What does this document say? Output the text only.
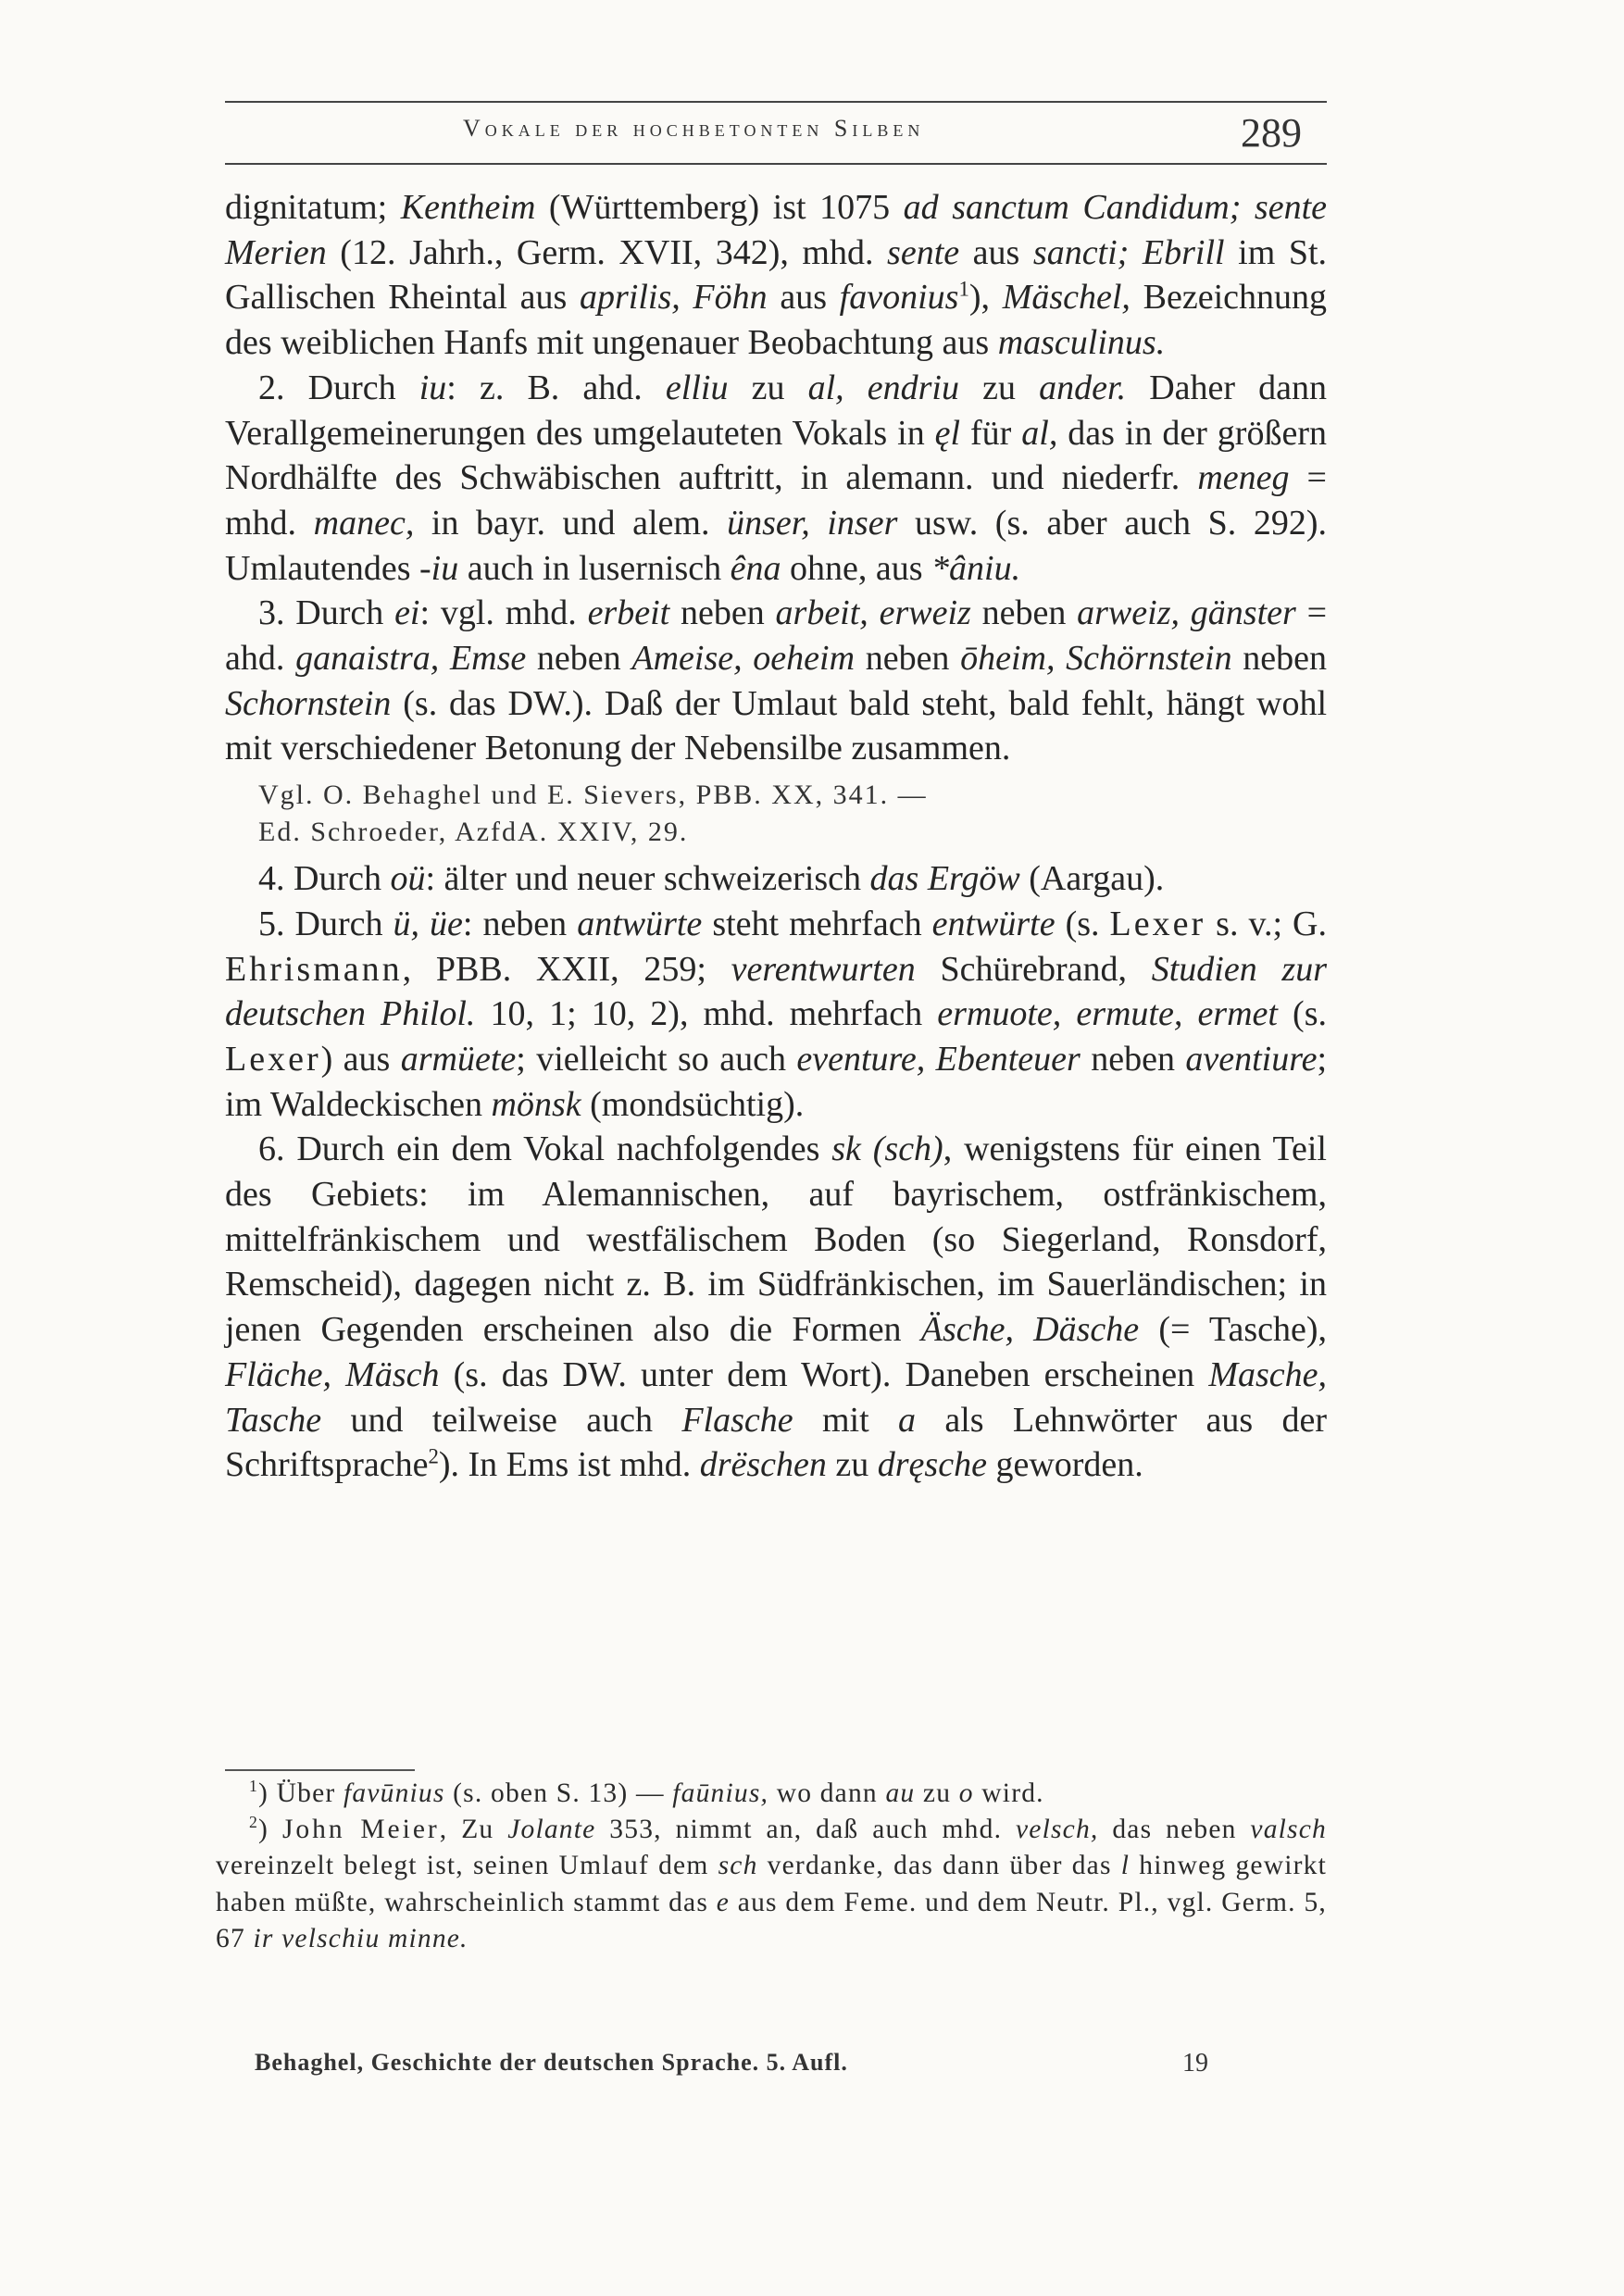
Vokale der hochbetonten Silben	289

dignitatum; Kentheim (Württemberg) ist 1075 ad sanctum Candidum; sente Merien (12. Jahrh., Germ. XVII, 342), mhd. sente aus sancti; Ebrill im St. Gallischen Rheintal aus aprilis, Föhn aus favonius$^1$), Mäschel, Bezeichnung des weiblichen Hanfs mit ungenauer Beobachtung aus masculinus.

2. Durch iu: z. B. ahd. elliu zu al, endriu zu ander. Daher dann Verallgemeinerungen des umgelauteten Vokals in ęl für al, das in der größern Nordhälfte des Schwäbischen auftritt, in alemann. und niederfr. meneg = mhd. manec, in bayr. und alem. ünser, inser usw. (s. aber auch S. 292). Umlautendes -iu auch in lusernisch êna ohne, aus *âniu.

3. Durch ei: vgl. mhd. erbeit neben arbeit, erweiz neben arweiz, gänster = ahd. ganaistra, Emse neben Ameise, oeheim neben ōheim, Schörnstein neben Schornstein (s. das DW.). Daß der Umlaut bald steht, bald fehlt, hängt wohl mit verschiedener Betonung der Nebensilbe zusammen.

Vgl. O. Behaghel und E. Sievers, PBB. XX, 341. —
Ed. Schroeder, AzfdA. XXIV, 29.

4. Durch oü: älter und neuer schweizerisch das Ergöw (Aargau).

5. Durch ü, üe: neben antwürte steht mehrfach entwürte (s. Lexer s. v.; G. Ehrismann, PBB. XXII, 259; verentwurten Schürebrand, Studien zur deutschen Philol. 10, 1; 10, 2), mhd. mehrfach ermuote, ermute, ermet (s. Lexer) aus armüete; vielleicht so auch eventure, Ebenteuer neben aventiure; im Waldeckischen mönsk (mondsüchtig).

6. Durch ein dem Vokal nachfolgendes sk (sch), wenigstens für einen Teil des Gebiets: im Alemannischen, auf bayrischem, ostfränkischem, mittelfränkischem und westfälischem Boden (so Siegerland, Ronsdorf, Remscheid), dagegen nicht z. B. im Südfränkischen, im Sauerländischen; in jenen Gegenden erscheinen also die Formen Äsche, Däsche (= Tasche), Fläche, Mäsch (s. das DW. unter dem Wort). Daneben erscheinen Masche, Tasche und teilweise auch Flasche mit a als Lehnwörter aus der Schriftsprache$^2$). In Ems ist mhd. drëschen zu dręsche geworden.

$^1$) Über favūnius (s. oben S. 13) — faūnius, wo dann au zu o wird.

$^2$) John Meier, Zu Jolante 353, nimmt an, daß auch mhd. velsch, das neben valsch vereinzelt belegt ist, seinen Umlauf dem sch verdanke, das dann über das l hinweg gewirkt haben müßte, wahrscheinlich stammt das e aus dem Feme. und dem Neutr. Pl., vgl. Germ. 5, 67 ir velschiu minne.

Behaghel, Geschichte der deutschen Sprache. 5. Aufl.	19
